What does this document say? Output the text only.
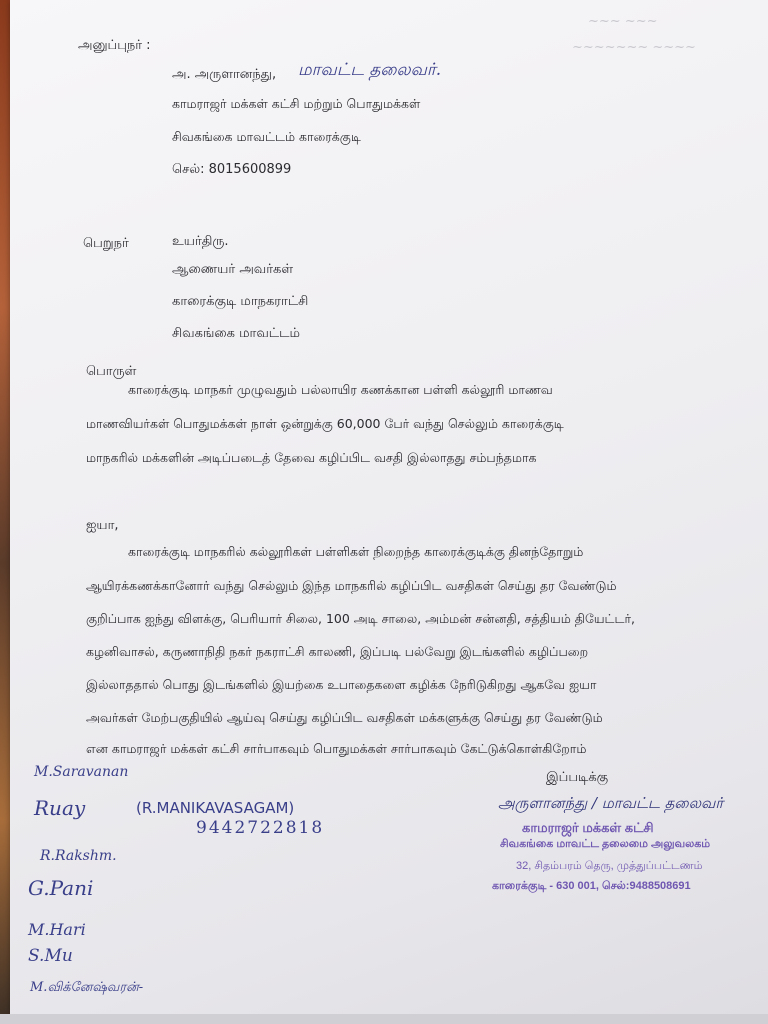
~~~ ~~~
~~~~~~~ ~~~~
அனுப்புநர் :
அ. அருளானந்து, மாவட்ட தலைவர்.
காமராஜர் மக்கள் கட்சி மற்றும் பொதுமக்கள்
சிவகங்கை மாவட்டம் காரைக்குடி
செல்: 8015600899
பெறுநர்	உயர்திரு.
ஆணையர் அவர்கள்
காரைக்குடி மாநகராட்சி
சிவகங்கை மாவட்டம்
பொருள்
காரைக்குடி மாநகர் முழுவதும் பல்லாயிர கணக்கான பள்ளி கல்லூரி மாணவ
மாணவியர்கள் பொதுமக்கள் நாள் ஒன்றுக்கு 60,000 பேர் வந்து செல்லும் காரைக்குடி
மாநகரில் மக்களின் அடிப்படைத் தேவை கழிப்பிட வசதி இல்லாதது சம்பந்தமாக
ஐயா,
காரைக்குடி மாநகரில் கல்லூரிகள் பள்ளிகள் நிறைந்த காரைக்குடிக்கு தினந்தோறும்
ஆயிரக்கணக்கானோர் வந்து செல்லும் இந்த மாநகரில் கழிப்பிட வசதிகள் செய்து தர வேண்டும்
குறிப்பாக ஐந்து விளக்கு, பெரியார் சிலை, 100 அடி சாலை, அம்மன் சன்னதி, சத்தியம் தியேட்டர்,
கழனிவாசல், கருணாநிதி நகர் நகராட்சி காலணி, இப்படி பல்வேறு இடங்களில் கழிப்பறை
இல்லாததால் பொது இடங்களில் இயற்கை உபாதைகளை கழிக்க நேரிடுகிறது ஆகவே ஐயா
அவர்கள் மேற்பகுதியில் ஆய்வு செய்து கழிப்பிட வசதிகள் மக்களுக்கு செய்து தர வேண்டும்
என காமராஜர் மக்கள் கட்சி சார்பாகவும் பொதுமக்கள் சார்பாகவும் கேட்டுக்கொள்கிறோம்
இப்படிக்கு
அருளானந்து / மாவட்ட தலைவர்
காமராஜர் மக்கள் கட்சி
சிவகங்கை மாவட்ட தலைமை அலுவலகம்
32, சிதம்பரம் தெரு, முத்துப்பட்டணம்
காரைக்குடி - 630 001, செல்:9488508691
M.Saravanan
Ruay	(R.MANIKAVASAGAM)
9442722818
R.Rakshm.
G.Pani
M.Hari
S.Mu
M.விக்னேஷ்வரன்-
